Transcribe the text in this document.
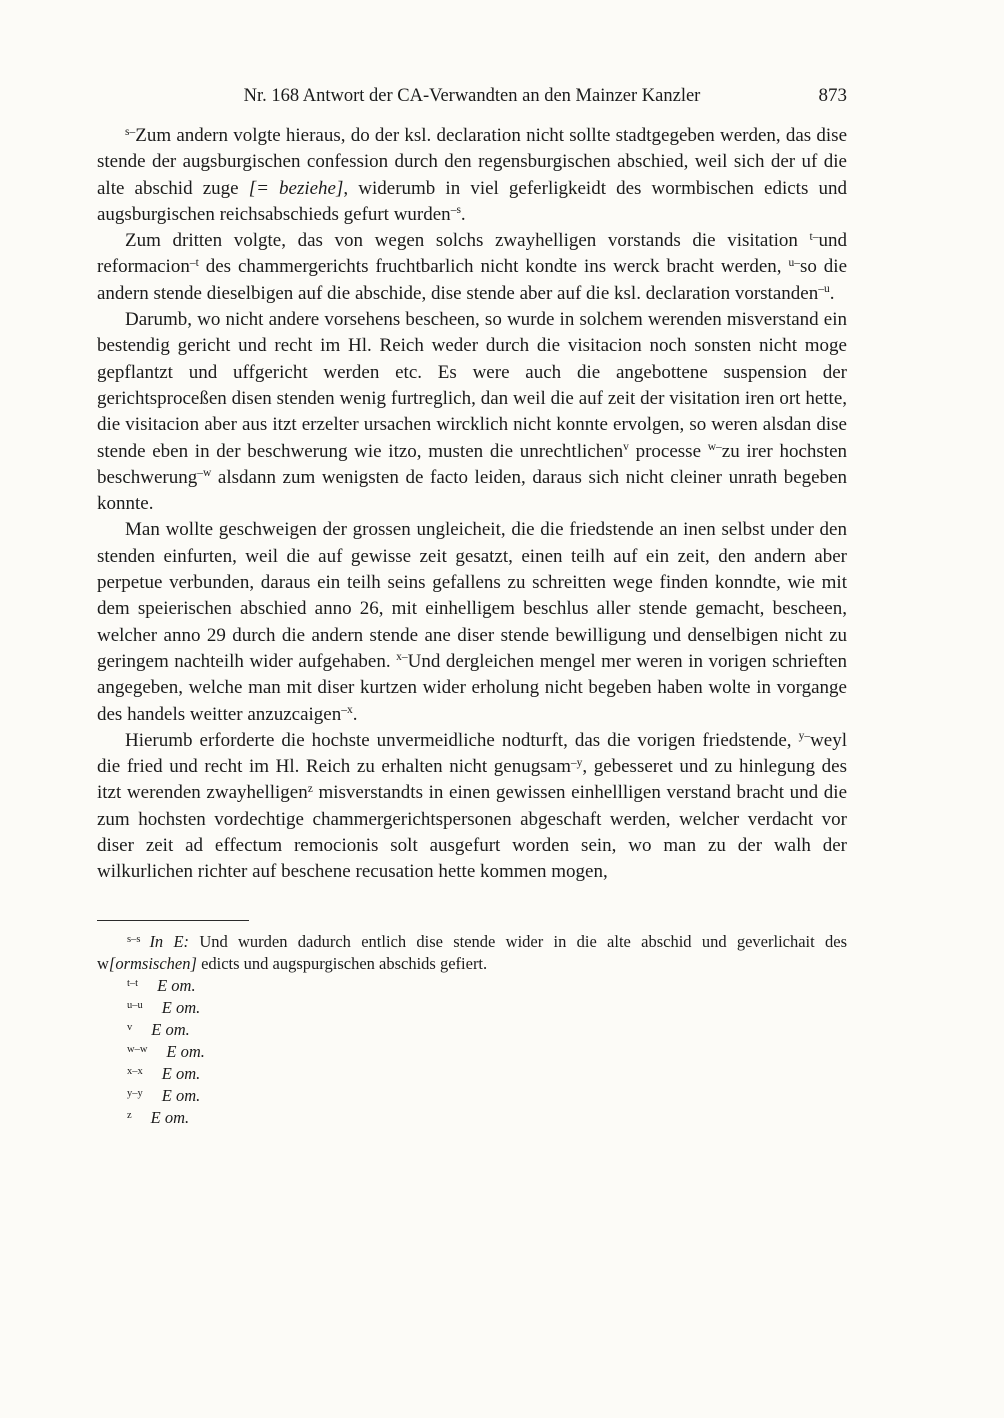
Nr. 168 Antwort der CA-Verwandten an den Mainzer Kanzler	873

$^{s-}$Zum andern volgte hieraus, do der ksl. declaration nicht sollte stadtgegeben werden, das dise stende der augsburgischen confession durch den regensburgischen abschied, weil sich der uf die alte abschid zuge [= beziehe], widerumb in viel geferligkeidt des wormbischen edicts und augsburgischen reichsabschieds gefurt wurden$^{-s}$.

Zum dritten volgte, das von wegen solchs zwayhelligen vorstands die visitation $^{t-}$und reformacion$^{-t}$ des chammergerichts fruchtbarlich nicht kondte ins werck bracht werden, $^{u-}$so die andern stende dieselbigen auf die abschide, dise stende aber auf die ksl. declaration vorstanden$^{-u}$.

Darumb, wo nicht andere vorsehens bescheen, so wurde in solchem werenden misverstand ein bestendig gericht und recht im Hl. Reich weder durch die visitacion noch sonsten nicht moge gepflantzt und uffgericht werden etc. Es were auch die angebottene suspension der gerichtsproceßen disen stenden wenig furtreglich, dan weil die auf zeit der visitation iren ort hette, die visitacion aber aus itzt erzelter ursachen wircklich nicht konnte ervolgen, so weren alsdan dise stende eben in der beschwerung wie itzo, musten die unrechtlichen$^v$ processe $^{w-}$zu irer hochsten beschwerung$^{-w}$ alsdann zum wenigsten de facto leiden, daraus sich nicht cleiner unrath begeben konnte.

Man wollte geschweigen der grossen ungleicheit, die die friedstende an inen selbst under den stenden einfurten, weil die auf gewisse zeit gesatzt, einen teilh auf ein zeit, den andern aber perpetue verbunden, daraus ein teilh seins gefallens zu schreitten wege finden konndte, wie mit dem speierischen abschied anno 26, mit einhelligem beschlus aller stende gemacht, bescheen, welcher anno 29 durch die andern stende ane diser stende bewilligung und denselbigen nicht zu geringem nachteilh wider aufgehaben. $^{x-}$Und dergleichen mengel mer weren in vorigen schrieften angegeben, welche man mit diser kurtzen wider erholung nicht begeben haben wolte in vorgange des handels weitter anzuzcaigen$^{-x}$.

Hierumb erforderte die hochste unvermeidliche nodturft, das die vorigen friedstende, $^{y-}$weyl die fried und recht im Hl. Reich zu erhalten nicht genugsam$^{-y}$, gebesseret und zu hinlegung des itzt werenden zwayhelligen$^z$ misverstandts in einen gewissen einhellligen verstand bracht und die zum hochsten vordechtige chammergerichtspersonen abgeschaft werden, welcher verdacht vor diser zeit ad effectum remocionis solt ausgefurt worden sein, wo man zu der walh der wilkurlichen richter auf beschene recusation hette kommen mogen,

$^{s-s}$ In E: Und wurden dadurch entlich dise stende wider in die alte abschid und geverlichait des w[ormsischen] edicts und augspurgischen abschids gefiert.

$^{t-t}$ E om.

$^{u-u}$ E om.

$^v$ E om.

$^{w-w}$ E om.

$^{x-x}$ E om.

$^{y-y}$ E om.

$^z$ E om.
